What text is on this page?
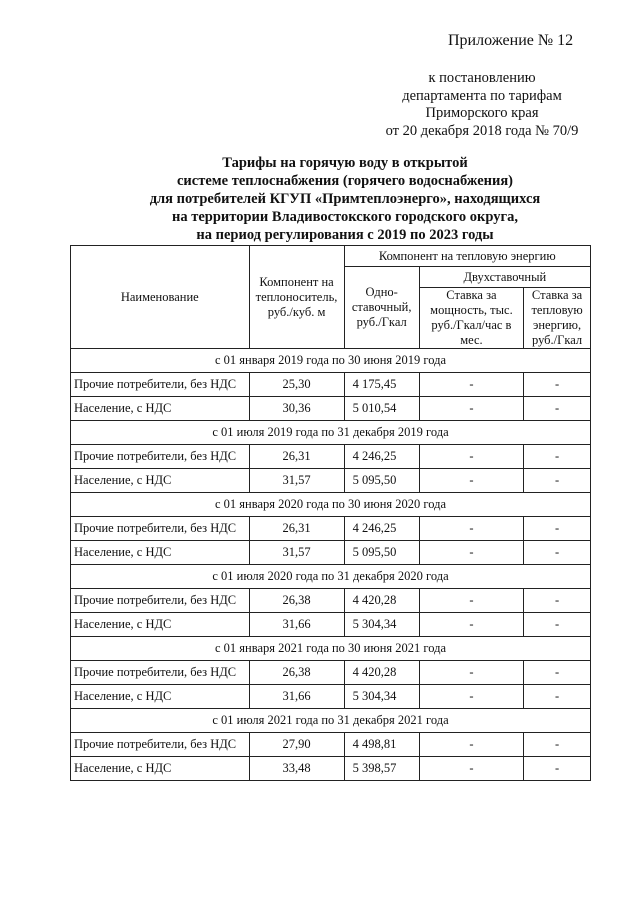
Приложение № 12
к постановлению
департамента по тарифам
Приморского края
от 20 декабря 2018 года № 70/9
Тарифы на горячую воду в открытой
системе теплоснабжения (горячего водоснабжения)
для потребителей КГУП «Примтеплоэнерго», находящихся
на территории Владивостокского городского округа,
на период регулирования с 2019 по 2023 годы
Наименование	Компонент на теплоноситель, руб./куб. м	Компонент на тепловую энергию		
		Одно-ставочный, руб./Гкал	Двухставочный	
			Ставка за мощность, тыс. руб./Гкал/час в мес.	Ставка за тепловую энергию, руб./Гкал
с 01 января 2019 года по 30 июня 2019 года				
Прочие потребители, без НДС	25,30	4 175,45	-	-
Население, с НДС	30,36	5 010,54	-	-
с 01 июля 2019 года по 31 декабря 2019 года				
Прочие потребители, без НДС	26,31	4 246,25	-	-
Население, с НДС	31,57	5 095,50	-	-
с 01 января 2020 года по 30 июня 2020 года				
Прочие потребители, без НДС	26,31	4 246,25	-	-
Население, с НДС	31,57	5 095,50	-	-
с 01 июля 2020 года по 31 декабря 2020 года				
Прочие потребители, без НДС	26,38	4 420,28	-	-
Население, с НДС	31,66	5 304,34	-	-
с 01 января 2021 года по 30 июня 2021 года				
Прочие потребители, без НДС	26,38	4 420,28	-	-
Население, с НДС	31,66	5 304,34	-	-
с 01 июля 2021 года по 31 декабря 2021 года				
Прочие потребители, без НДС	27,90	4 498,81	-	-
Население, с НДС	33,48	5 398,57	-	-
